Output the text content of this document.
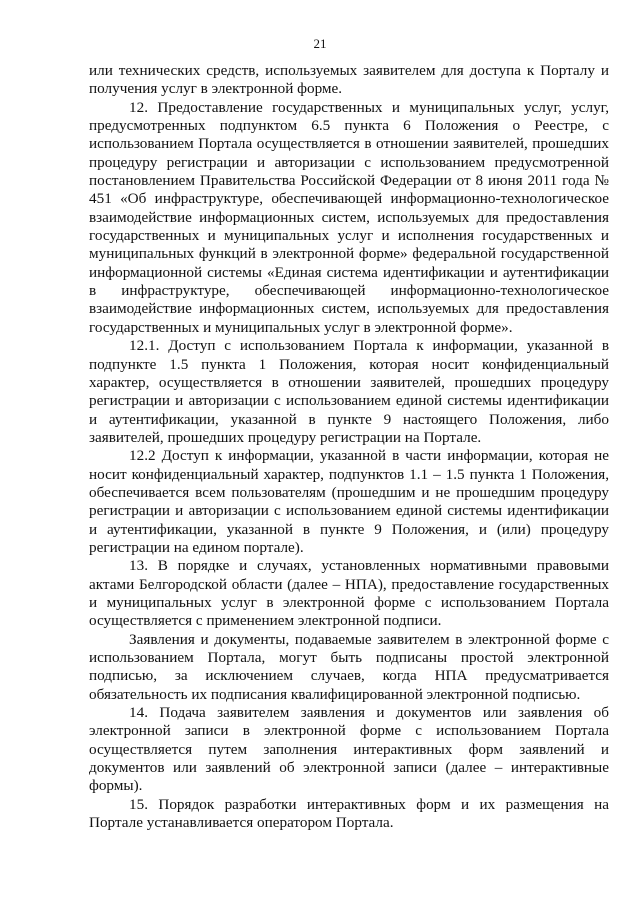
21

или технических средств, используемых заявителем для доступа к Порталу и получения услуг в электронной форме.

12. Предоставление государственных и муниципальных услуг, услуг, предусмотренных подпунктом 6.5 пункта 6 Положения о Реестре, с использованием Портала осуществляется в отношении заявителей, прошедших процедуру регистрации и авторизации с использованием предусмотренной постановлением Правительства Российской Федерации от 8 июня 2011 года № 451 «Об инфраструктуре, обеспечивающей информационно-технологическое взаимодействие информационных систем, используемых для предоставления государственных и муниципальных услуг и исполнения государственных и муниципальных функций в электронной форме» федеральной государственной информационной системы «Единая система идентификации и аутентификации в инфраструктуре, обеспечивающей информационно-технологическое взаимодействие информационных систем, используемых для предоставления государственных и муниципальных услуг в электронной форме».

12.1. Доступ с использованием Портала к информации, указанной в подпункте 1.5 пункта 1 Положения, которая носит конфиденциальный характер, осуществляется в отношении заявителей, прошедших процедуру регистрации и авторизации с использованием единой системы идентификации и аутентификации, указанной в пункте 9 настоящего Положения, либо заявителей, прошедших процедуру регистрации на Портале.

12.2 Доступ к информации, указанной в части информации, которая не носит конфиденциальный характер, подпунктов 1.1 – 1.5 пункта 1 Положения, обеспечивается всем пользователям (прошедшим и не прошедшим процедуру регистрации и авторизации с использованием единой системы идентификации и аутентификации, указанной в пункте 9 Положения, и (или) процедуру регистрации на едином портале).

13. В порядке и случаях, установленных нормативными правовыми актами Белгородской области (далее – НПА), предоставление государственных и муниципальных услуг в электронной форме с использованием Портала осуществляется с применением электронной подписи.

Заявления и документы, подаваемые заявителем в электронной форме с использованием Портала, могут быть подписаны простой электронной подписью, за исключением случаев, когда НПА предусматривается обязательность их подписания квалифицированной электронной подписью.

14. Подача заявителем заявления и документов или заявления об электронной записи в электронной форме с использованием Портала осуществляется путем заполнения интерактивных форм заявлений и документов или заявлений об электронной записи (далее – интерактивные формы).

15. Порядок разработки интерактивных форм и их размещения на Портале устанавливается оператором Портала.
